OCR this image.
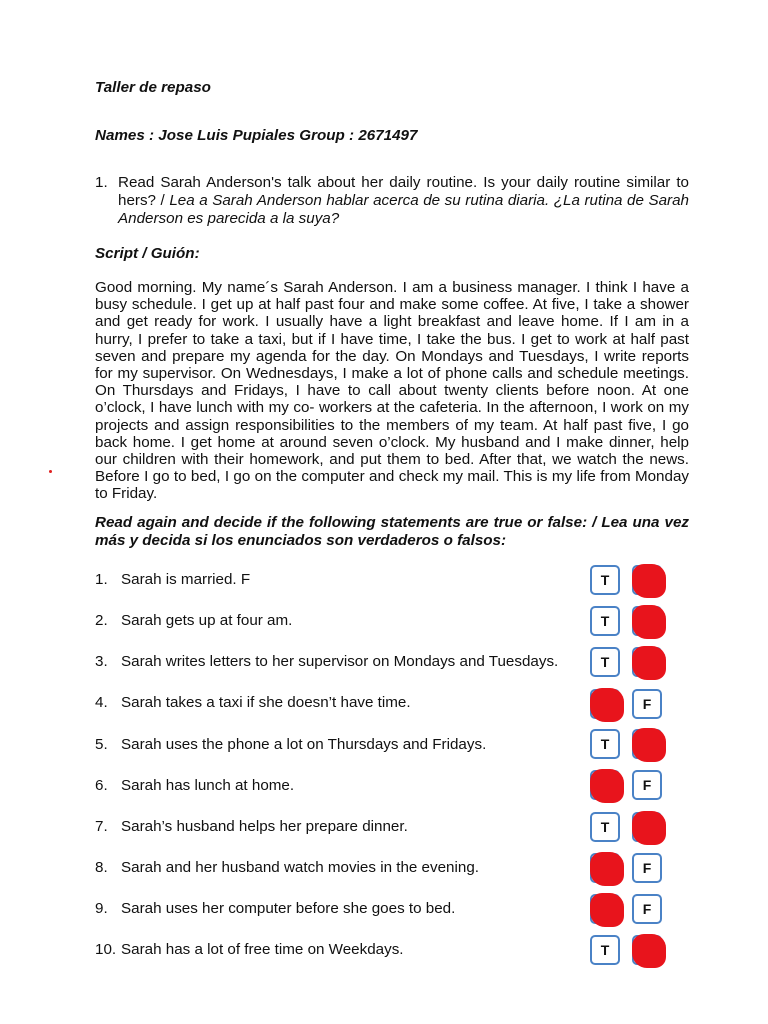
Taller de repaso
Names : Jose Luis Pupiales Group : 2671497
1. Read Sarah Anderson's talk about her daily routine. Is your daily routine similar to hers? / Lea a Sarah Anderson hablar acerca de su rutina diaria. ¿La rutina de Sarah Anderson es parecida a la suya?
Script / Guión:
Good morning. My name´s Sarah Anderson. I am a business manager. I think I have a busy schedule. I get up at half past four and make some coffee. At five, I take a shower and get ready for work. I usually have a light breakfast and leave home. If I am in a hurry, I prefer to take a taxi, but if I have time, I take the bus. I get to work at half past seven and prepare my agenda for the day. On Mondays and Tuesdays, I write reports for my supervisor. On Wednesdays, I make a lot of phone calls and schedule meetings. On Thursdays and Fridays, I have to call about twenty clients before noon. At one o’clock, I have lunch with my co- workers at the cafeteria. In the afternoon, I work on my projects and assign responsibilities to the members of my team. At half past five, I go back home. I get home at around seven o’clock. My husband and I make dinner, help our children with their homework, and put them to bed. After that, we watch the news. Before I go to bed, I go on the computer and check my mail. This is my life from Monday to Friday.
Read again and decide if the following statements are true or false: / Lea una vez más y decida si los enunciados son verdaderos o falsos:
1. Sarah is married. F	T
2. Sarah gets up at four am.	T
3. Sarah writes letters to her supervisor on Mondays and Tuesdays.	T
4. Sarah takes a taxi if she doesn’t have time.	F
5. Sarah uses the phone a lot on Thursdays and Fridays.	T
6. Sarah has lunch at home.	F
7. Sarah’s husband helps her prepare dinner.	T
8. Sarah and her husband watch movies in the evening.	F
9. Sarah uses her computer before she goes to bed.	F
10. Sarah has a lot of free time on Weekdays.	T
